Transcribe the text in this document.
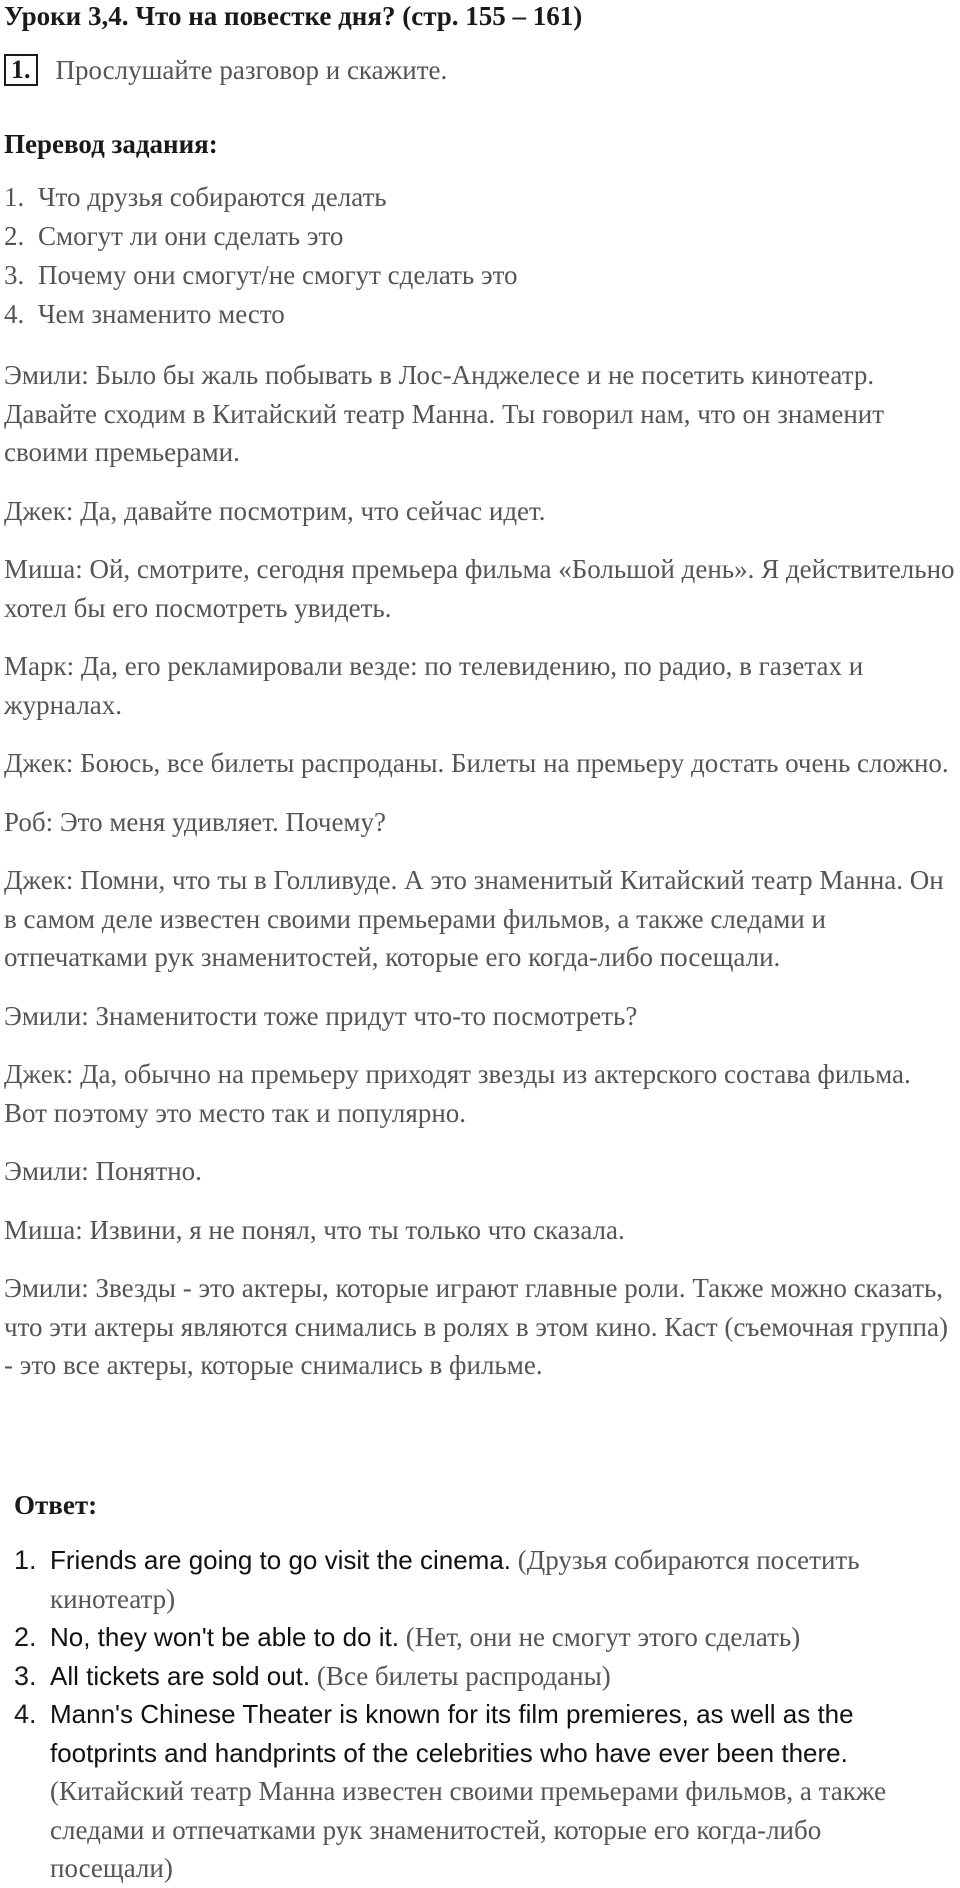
Уроки 3,4. Что на повестке дня? (стр. 155 – 161)
1. Прослушайте разговор и скажите.
Перевод задания:
1. Что друзья собираются делать
2. Смогут ли они сделать это
3. Почему они смогут/не смогут сделать это
4. Чем знаменито место

Эмили: Было бы жаль побывать в Лос-Анджелесе и не посетить кинотеатр. Давайте сходим в Китайский театр Манна. Ты говорил нам, что он знаменит своими премьерами.

Джек: Да, давайте посмотрим, что сейчас идет.

Миша: Ой, смотрите, сегодня премьера фильма «Большой день». Я действительно хотел бы его посмотреть увидеть.

Марк: Да, его рекламировали везде: по телевидению, по радио, в газетах и журналах.

Джек: Боюсь, все билеты распроданы. Билеты на премьеру достать очень сложно.

Роб: Это меня удивляет. Почему?

Джек: Помни, что ты в Голливуде. А это знаменитый Китайский театр Манна. Он в самом деле известен своими премьерами фильмов, а также следами и отпечатками рук знаменитостей, которые его когда-либо посещали.

Эмили: Знаменитости тоже придут что-то посмотреть?

Джек: Да, обычно на премьеру приходят звезды из актерского состава фильма. Вот поэтому это место так и популярно.

Эмили: Понятно.

Миша: Извини, я не понял, что ты только что сказала.

Эмили: Звезды - это актеры, которые играют главные роли. Также можно сказать, что эти актеры являются снимались в ролях в этом кино. Каст (съемочная группа) - это все актеры, которые снимались в фильме.

Ответ:
1. Friends are going to go visit the cinema. (Друзья собираются посетить кинотеатр)
2. No, they won't be able to do it. (Нет, они не смогут этого сделать)
3. All tickets are sold out. (Все билеты распроданы)
4. Mann's Chinese Theater is known for its film premieres, as well as the footprints and handprints of the celebrities who have ever been there. (Китайский театр Манна известен своими премьерами фильмов, а также следами и отпечатками рук знаменитостей, которые его когда-либо посещали)
